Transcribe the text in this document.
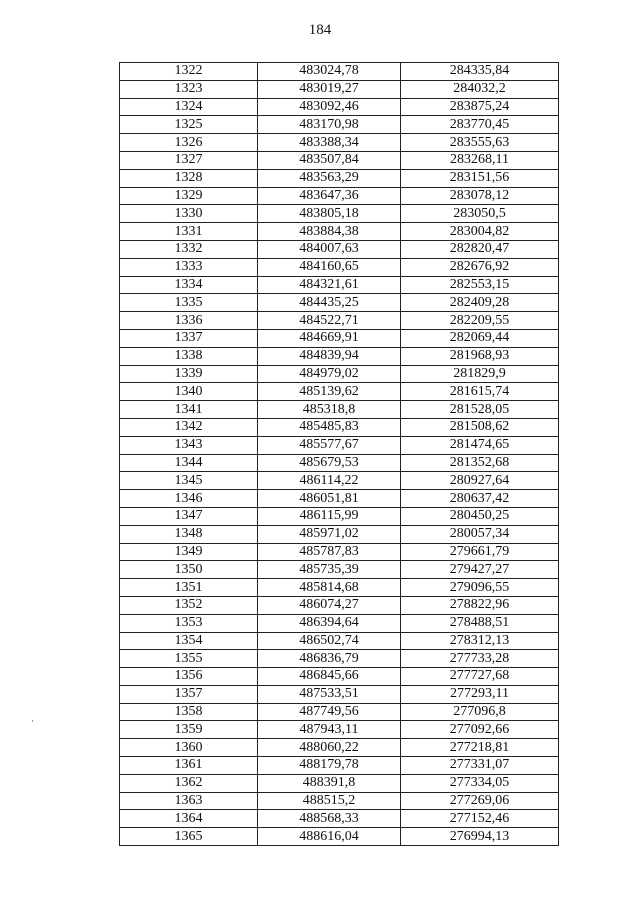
184
1322	483024,78	284335,84
1323	483019,27	284032,2
1324	483092,46	283875,24
1325	483170,98	283770,45
1326	483388,34	283555,63
1327	483507,84	283268,11
1328	483563,29	283151,56
1329	483647,36	283078,12
1330	483805,18	283050,5
1331	483884,38	283004,82
1332	484007,63	282820,47
1333	484160,65	282676,92
1334	484321,61	282553,15
1335	484435,25	282409,28
1336	484522,71	282209,55
1337	484669,91	282069,44
1338	484839,94	281968,93
1339	484979,02	281829,9
1340	485139,62	281615,74
1341	485318,8	281528,05
1342	485485,83	281508,62
1343	485577,67	281474,65
1344	485679,53	281352,68
1345	486114,22	280927,64
1346	486051,81	280637,42
1347	486115,99	280450,25
1348	485971,02	280057,34
1349	485787,83	279661,79
1350	485735,39	279427,27
1351	485814,68	279096,55
1352	486074,27	278822,96
1353	486394,64	278488,51
1354	486502,74	278312,13
1355	486836,79	277733,28
1356	486845,66	277727,68
1357	487533,51	277293,11
1358	487749,56	277096,8
1359	487943,11	277092,66
1360	488060,22	277218,81
1361	488179,78	277331,07
1362	488391,8	277334,05
1363	488515,2	277269,06
1364	488568,33	277152,46
1365	488616,04	276994,13
